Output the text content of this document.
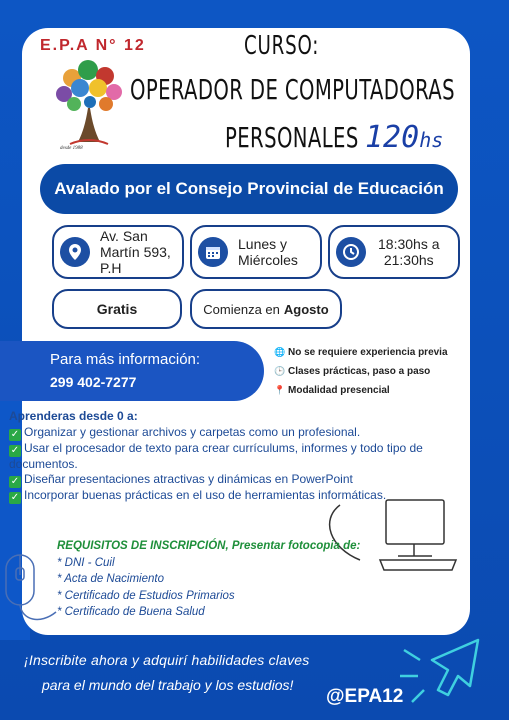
E.P.A N° 12
desde 1988
CURSO:
OPERADOR DE COMPUTADORAS
PERSONALES 120hs
Avalado por el Consejo Provincial de Educación
Av. San
Martín 593,
P.H
Lunes y
Miércoles
18:30hs a
21:30hs
Gratis	Comienza en Agosto
Para más información:
299 402-7277
🌐 No se requiere experiencia previa
🕒 Clases prácticas, paso a paso
📍 Modalidad presencial
Aprenderas desde 0 a:
✓ Organizar y gestionar archivos y carpetas como un profesional.
✓ Usar el procesador de texto para crear currículums, informes y todo tipo de
documentos.
✓ Diseñar presentaciones atractivas y dinámicas en PowerPoint
✓ Incorporar buenas prácticas en el uso de herramientas informáticas.
REQUISITOS DE INSCRIPCIÓN, Presentar fotocopia de:
* DNI - Cuil
* Acta de Nacimiento
* Certificado de Estudios Primarios
* Certificado de Buena Salud
¡Inscribite ahora y adquirí habilidades claves
para el mundo del trabajo y los estudios!
@EPA12
